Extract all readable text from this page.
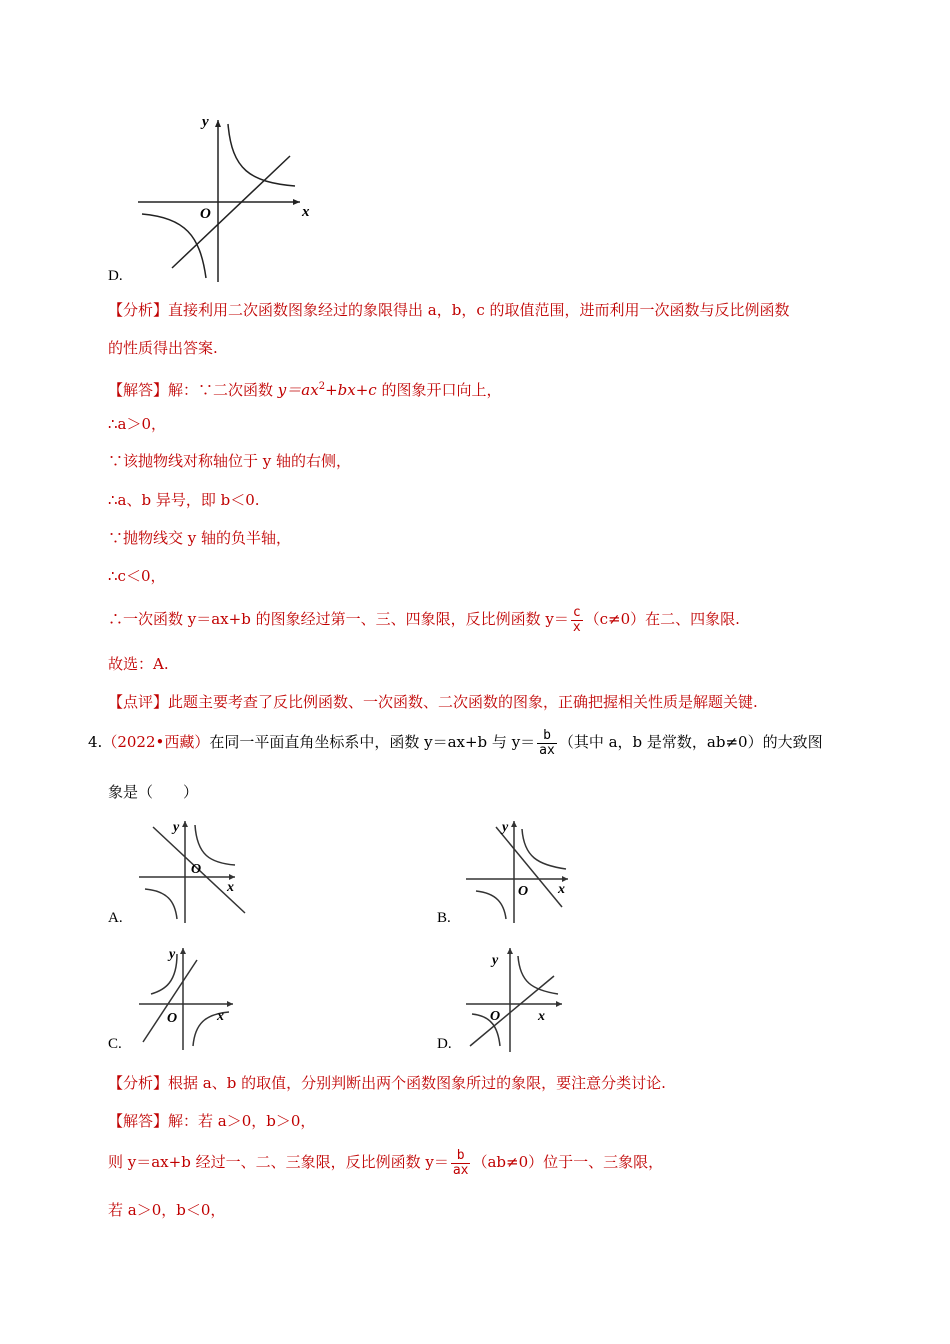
x
y
O
D.
【分析】直接利用二次函数图象经过的象限得出 a，b，c 的取值范围，进而利用一次函数与反比例函数
的性质得出答案.
【解答】解：∵二次函数 $y=ax^2+bx+c$ 的图象开口向上，
∴a＞0，
∵该抛物线对称轴位于 y 轴的右侧，
∴a、b 异号，即 b＜0.
∵抛物线交 y 轴的负半轴，
∴c＜0，
∴一次函数 y＝ax+b 的图象经过第一、三、四象限，反比例函数 $y= \frac{c}{x} (c\ne 0)$在二、四象限.
故选：A.
【点评】此题主要考查了反比例函数、一次函数、二次函数的图象，正确把握相关性质是解题关键.
4.（2022•西藏）在同一平面直角坐标系中，函数 y＝ax+b 与 $y= \frac{b}{ax}$ （其中 a，b 是常数，ab≠0）的大致图
象是（　　）
x
y
O
A.
x
y
O
B.
x
y
O
C.
x
y
O
D.
【分析】根据 a、b 的取值，分别判断出两个函数图象所过的象限，要注意分类讨论.
【解答】解：若 a＞0，b＞0，
则 y＝ax+b 经过一、二、三象限，反比例函数 $y= \frac{b}{ax} (ab\ne 0)$位于一、三象限，
若 a＞0，b＜0，
